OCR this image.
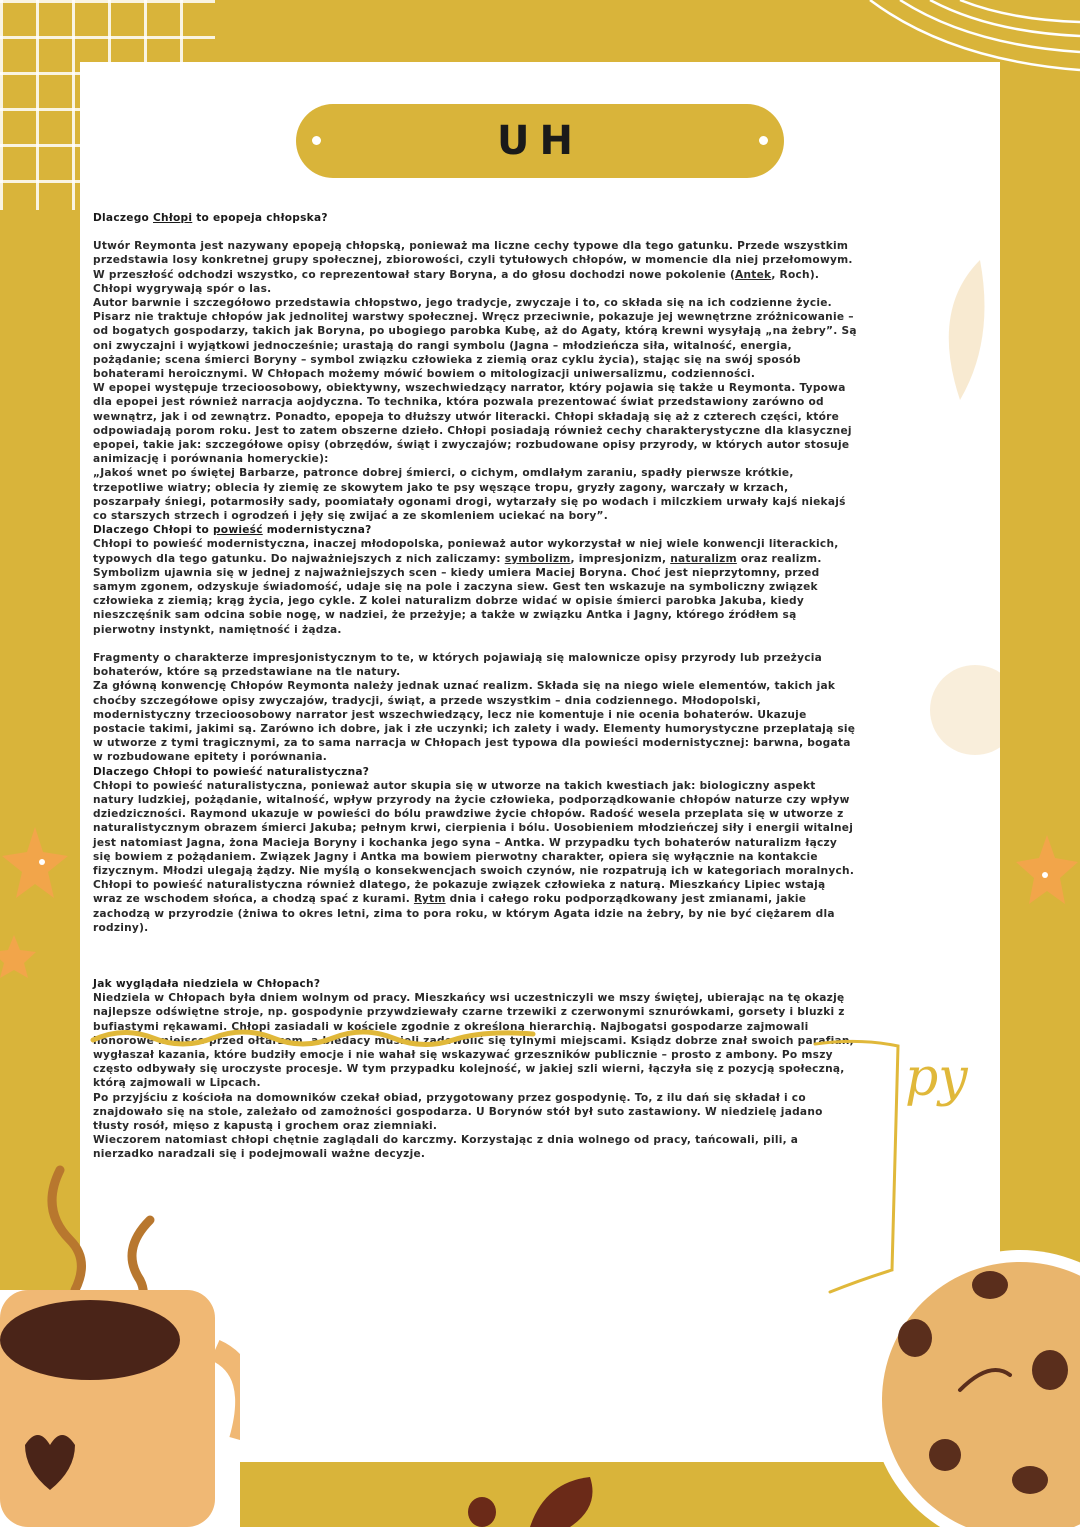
UH

Dlaczego Chłopi to epopeja chłopska?

Utwór Reymonta jest nazywany epopeją chłopską, ponieważ ma liczne cechy typowe dla tego gatunku. Przede wszystkim przedstawia losy konkretnej grupy społecznej, zbiorowości, czyli tytułowych chłopów, w momencie dla niej przełomowym. W przeszłość odchodzi wszystko, co reprezentował stary Boryna, a do głosu dochodzi nowe pokolenie (Antek, Roch). Chłopi wygrywają spór o las.

Autor barwnie i szczegółowo przedstawia chłopstwo, jego tradycje, zwyczaje i to, co składa się na ich codzienne życie. Pisarz nie traktuje chłopów jak jednolitej warstwy społecznej. Wręcz przeciwnie, pokazuje jej wewnętrzne zróżnicowanie – od bogatych gospodarzy, takich jak Boryna, po ubogiego parobka Kubę, aż do Agaty, którą krewni wysyłają „na żebry”. Są oni zwyczajni i wyjątkowi jednocześnie; urastają do rangi symbolu (Jagna – młodzieńcza siła, witalność, energia, pożądanie; scena śmierci Boryny – symbol związku człowieka z ziemią oraz cyklu życia), stając się na swój sposób bohaterami heroicznymi. W Chłopach możemy mówić bowiem o mitologizacji uniwersalizmu, codzienności.

W epopei występuje trzecioosobowy, obiektywny, wszechwiedzący narrator, który pojawia się także u Reymonta. Typowa dla epopei jest również narracja aojdyczna. To technika, która pozwala prezentować świat przedstawiony zarówno od wewnątrz, jak i od zewnątrz. Ponadto, epopeja to dłuższy utwór literacki. Chłopi składają się aż z czterech części, które odpowiadają porom roku. Jest to zatem obszerne dzieło. Chłopi posiadają również cechy charakterystyczne dla klasycznej epopei, takie jak: szczegółowe opisy (obrzędów, świąt i zwyczajów; rozbudowane opisy przyrody, w których autor stosuje animizację i porównania homeryckie):

„Jakoś wnet po świętej Barbarze, patronce dobrej śmierci, o cichym, omdlałym zaraniu, spadły pierwsze krótkie, trzepotliwe wiatry; oblecia ły ziemię ze skowytem jako te psy węszące tropu, gryzły zagony, warczały w krzach, poszarpały śniegi, potarmosiły sady, poomiatały ogonami drogi, wytarzały się po wodach i milczkiem urwały kajś niekajś co starszych strzech i ogrodzeń i jęły się zwijać a ze skomleniem uciekać na bory”.

Dlaczego Chłopi to powieść modernistyczna?

Chłopi to powieść modernistyczna, inaczej młodopolska, ponieważ autor wykorzystał w niej wiele konwencji literackich, typowych dla tego gatunku. Do najważniejszych z nich zaliczamy: symbolizm, impresjonizm, naturalizm oraz realizm.

Symbolizm ujawnia się w jednej z najważniejszych scen – kiedy umiera Maciej Boryna. Choć jest nieprzytomny, przed samym zgonem, odzyskuje świadomość, udaje się na pole i zaczyna siew. Gest ten wskazuje na symboliczny związek człowieka z ziemią; krąg życia, jego cykle. Z kolei naturalizm dobrze widać w opisie śmierci parobka Jakuba, kiedy nieszczęśnik sam odcina sobie nogę, w nadziei, że przeżyje; a także w związku Antka i Jagny, którego źródłem są pierwotny instynkt, namiętność i żądza.

Fragmenty o charakterze impresjonistycznym to te, w których pojawiają się malownicze opisy przyrody lub przeżycia bohaterów, które są przedstawiane na tle natury.

Za główną konwencję Chłopów Reymonta należy jednak uznać realizm. Składa się na niego wiele elementów, takich jak choćby szczegółowe opisy zwyczajów, tradycji, świąt, a przede wszystkim – dnia codziennego. Młodopolski, modernistyczny trzecioosobowy narrator jest wszechwiedzący, lecz nie komentuje i nie ocenia bohaterów. Ukazuje postacie takimi, jakimi są. Zarówno ich dobre, jak i złe uczynki; ich zalety i wady. Elementy humorystyczne przeplatają się w utworze z tymi tragicznymi, za to sama narracja w Chłopach jest typowa dla powieści modernistycznej: barwna, bogata w rozbudowane epitety i porównania.

Dlaczego Chłopi to powieść naturalistyczna?

Chłopi to powieść naturalistyczna, ponieważ autor skupia się w utworze na takich kwestiach jak: biologiczny aspekt natury ludzkiej, pożądanie, witalność, wpływ przyrody na życie człowieka, podporządkowanie chłopów naturze czy wpływ dziedziczności. Raymond ukazuje w powieści do bólu prawdziwe życie chłopów. Radość wesela przeplata się w utworze z naturalistycznym obrazem śmierci Jakuba; pełnym krwi, cierpienia i bólu. Uosobieniem młodzieńczej siły i energii witalnej jest natomiast Jagna, żona Macieja Boryny i kochanka jego syna – Antka. W przypadku tych bohaterów naturalizm łączy się bowiem z pożądaniem. Związek Jagny i Antka ma bowiem pierwotny charakter, opiera się wyłącznie na kontakcie fizycznym. Młodzi ulegają żądzy. Nie myślą o konsekwencjach swoich czynów, nie rozpatrują ich w kategoriach moralnych.

Chłopi to powieść naturalistyczna również dlatego, że pokazuje związek człowieka z naturą. Mieszkańcy Lipiec wstają wraz ze wschodem słońca, a chodzą spać z kurami. Rytm dnia i całego roku podporządkowany jest zmianami, jakie zachodzą w przyrodzie (żniwa to okres letni, zima to pora roku, w którym Agata idzie na żebry, by nie być ciężarem dla rodziny).

Jak wyglądała niedziela w Chłopach?

Niedziela w Chłopach była dniem wolnym od pracy. Mieszkańcy wsi uczestniczyli we mszy świętej, ubierając na tę okazję najlepsze odświętne stroje, np. gospodynie przywdziewały czarne trzewiki z czerwonymi sznurówkami, gorsety i bluzki z bufiastymi rękawami. Chłopi zasiadali w kościele zgodnie z określoną hierarchią. Najbogatsi gospodarze zajmowali honorowe miejsce przed ołtarzem, a biedacy musieli zadowolić się tylnymi miejscami. Ksiądz dobrze znał swoich parafian, wygłaszał kazania, które budziły emocje i nie wahał się wskazywać grzeszników publicznie – prosto z ambony. Po mszy często odbywały się uroczyste procesje. W tym przypadku kolejność, w jakiej szli wierni, łączyła się z pozycją społeczną, którą zajmowali w Lipcach.

Po przyjściu z kościoła na domowników czekał obiad, przygotowany przez gospodynię. To, z ilu dań się składał i co znajdowało się na stole, zależało od zamożności gospodarza. U Borynów stół był suto zastawiony. W niedzielę jadano tłusty rosół, mięso z kapustą i grochem oraz ziemniaki.

Wieczorem natomiast chłopi chętnie zaglądali do karczmy. Korzystając z dnia wolnego od pracy, tańcowali, pili, a nierzadko naradzali się i podejmowali ważne decyzje.

py
